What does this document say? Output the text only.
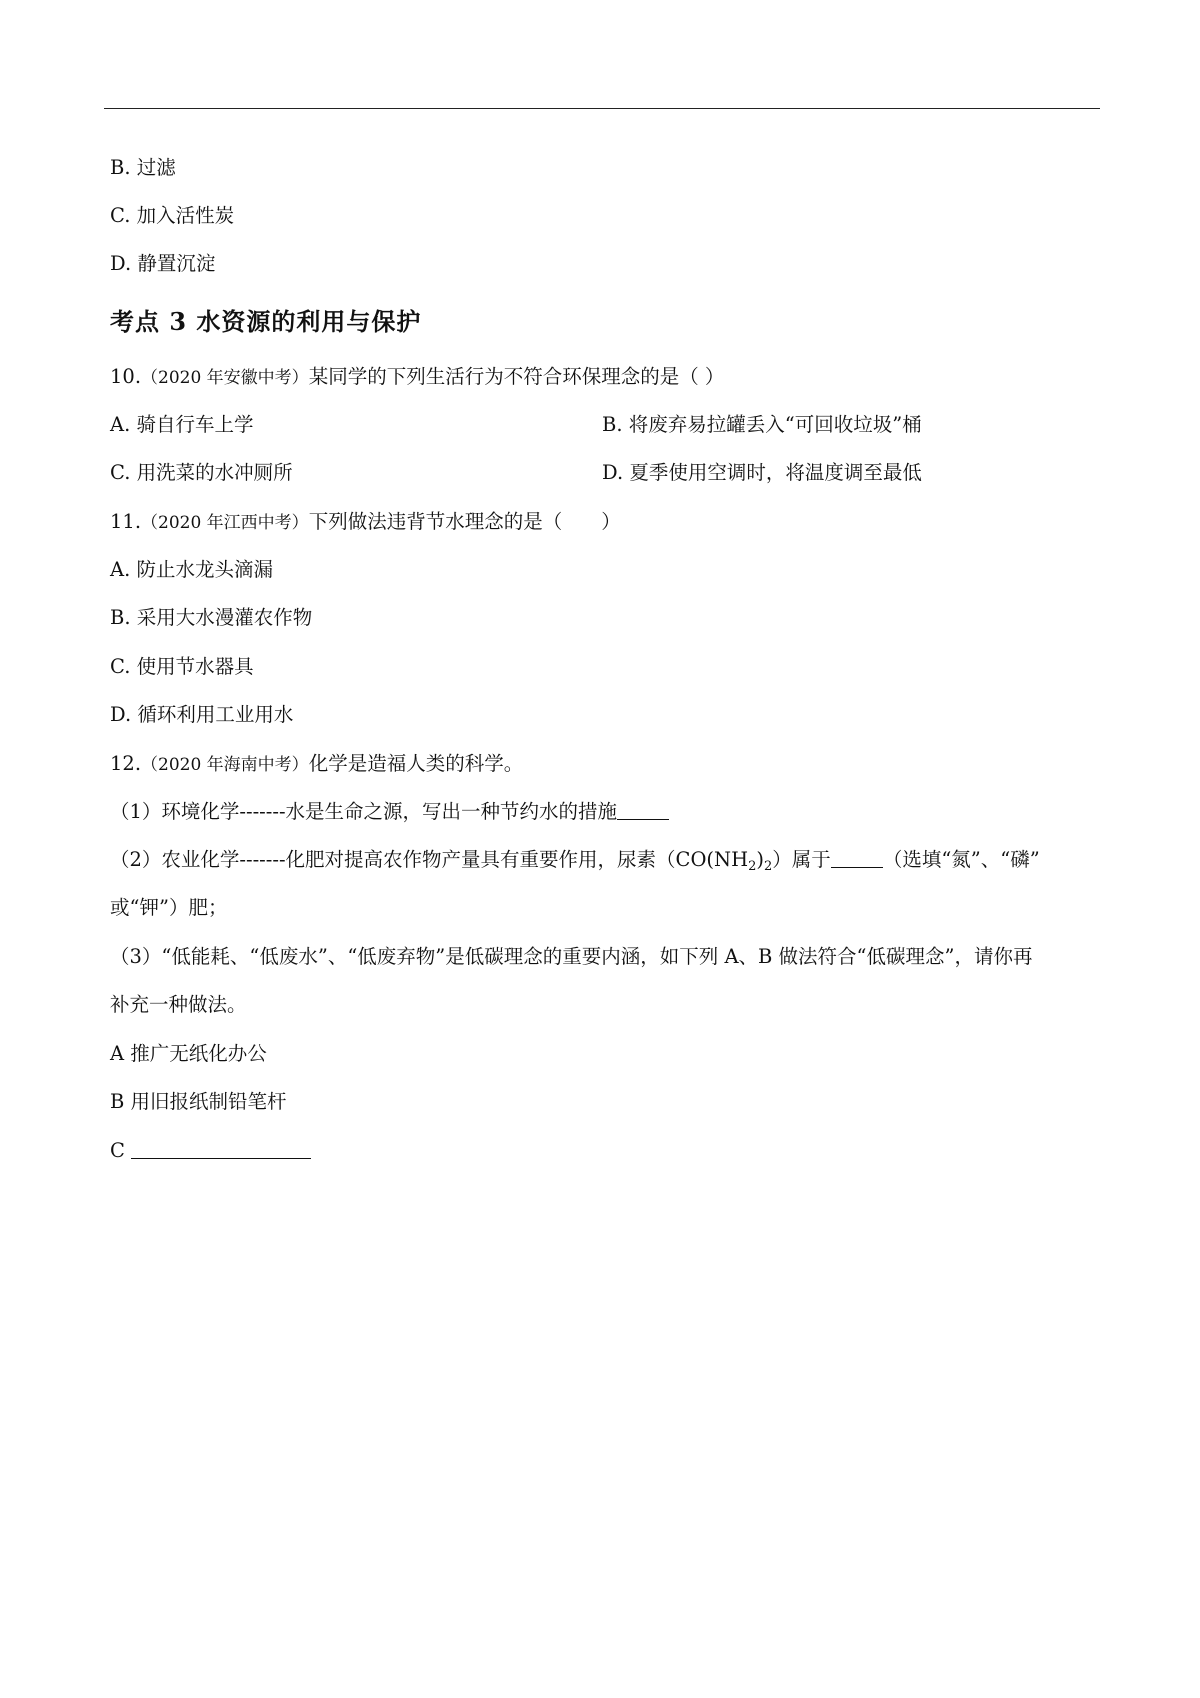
B. 过滤
C. 加入活性炭
D. 静置沉淀
考点 3 水资源的利用与保护
10.（2020 年安徽中考）某同学的下列生活行为不符合环保理念的是（ ）
A. 骑自行车上学	B. 将废弃易拉罐丢入“可回收垃圾”桶
C. 用洗菜的水冲厕所	D. 夏季使用空调时，将温度调至最低
11.（2020 年江西中考）下列做法违背节水理念的是（　　）
A. 防止水龙头滴漏
B. 采用大水漫灌农作物
C. 使用节水器具
D. 循环利用工业用水
12.（2020 年海南中考）化学是造福人类的科学。
（1）环境化学-------水是生命之源，写出一种节约水的措施
（2）农业化学-------化肥对提高农作物产量具有重要作用，尿素$(CO(NH_2)_2)$属于	（选填“氮”、“磷”
或“钾”）肥；
（3）“低能耗、“低废水”、“低废弃物”是低碳理念的重要内涵，如下列 A、B 做法符合“低碳理念”，请你再
补充一种做法。
A 推广无纸化办公
B 用旧报纸制铅笔杆
C
